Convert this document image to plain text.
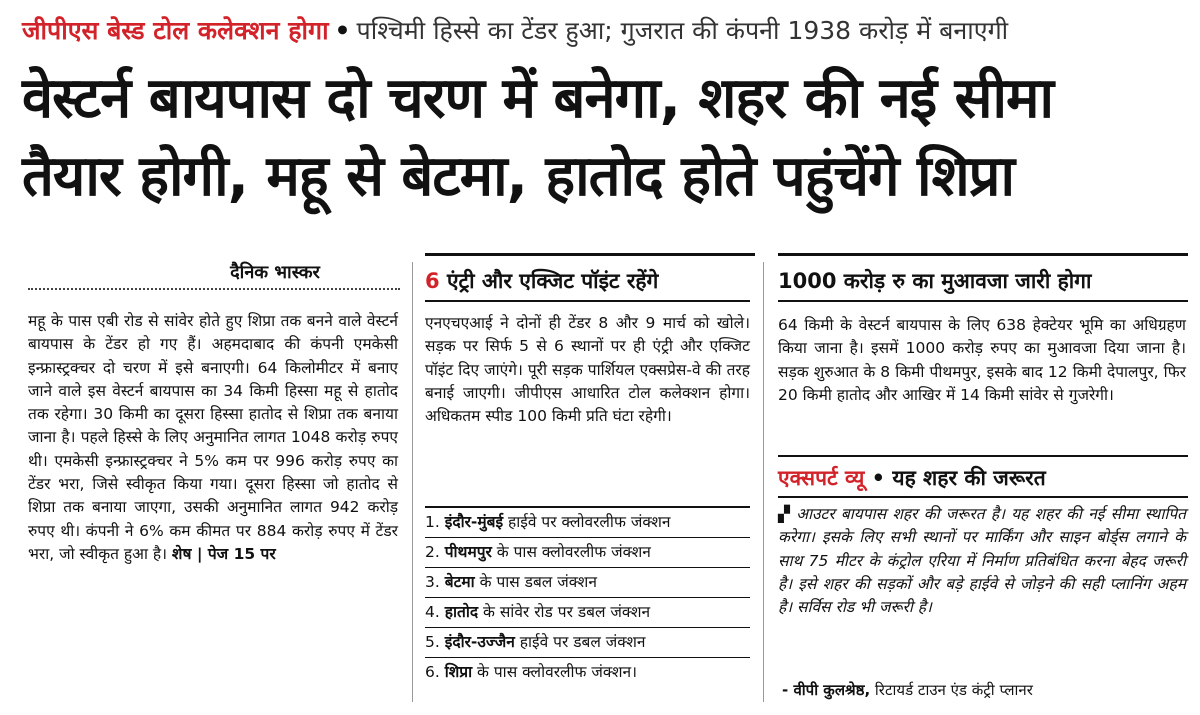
जीपीएस बेस्ड टोल कलेक्शन होगा • पश्चिमी हिस्से का टेंडर हुआ; गुजरात की कंपनी 1938 करोड़ में बनाएगी
वेस्टर्न बायपास दो चरण में बनेगा, शहर की नई सीमा
तैयार होगी, महू से बेटमा, हातोद होते पहुंचेंगे शिप्रा
दैनिक भास्कर
महू के पास एबी रोड से सांवेर होते हुए शिप्रा तक बनने वाले वेस्टर्न बायपास के टेंडर हो गए हैं। अहमदाबाद की कंपनी एमकेसी इन्फ्रास्ट्रक्चर दो चरण में इसे बनाएगी। 64 किलोमीटर में बनाए जाने वाले इस वेस्टर्न बायपास का 34 किमी हिस्सा महू से हातोद तक रहेगा। 30 किमी का दूसरा हिस्सा हातोद से शिप्रा तक बनाया जाना है। पहले हिस्से के लिए अनुमानित लागत 1048 करोड़ रुपए थी। एमकेसी इन्फ्रास्ट्रक्चर ने 5% कम पर 996 करोड़ रुपए का टेंडर भरा, जिसे स्वीकृत किया गया। दूसरा हिस्सा जो हातोद से शिप्रा तक बनाया जाएगा, उसकी अनुमानित लागत 942 करोड़ रुपए थी। कंपनी ने 6% कम कीमत पर 884 करोड़ रुपए में टेंडर भरा, जो स्वीकृत हुआ है। शेष | पेज 15 पर
6 एंट्री और एक्जिट पॉइंट रहेंगे
एनएचएआई ने दोनों ही टेंडर 8 और 9 मार्च को खोले। सड़क पर सिर्फ 5 से 6 स्थानों पर ही एंट्री और एक्जिट पॉइंट दिए जाएंगे। पूरी सड़क पार्शियल एक्सप्रेस-वे की तरह बनाई जाएगी। जीपीएस आधारित टोल कलेक्शन होगा। अधिकतम स्पीड 100 किमी प्रति घंटा रहेगी।
1. इंदौर-मुंबई हाईवे पर क्लोवरलीफ जंक्शन
2. पीथमपुर के पास क्लोवरलीफ जंक्शन
3. बेटमा के पास डबल जंक्शन
4. हातोद के सांवेर रोड पर डबल जंक्शन
5. इंदौर-उज्जैन हाईवे पर डबल जंक्शन
6. शिप्रा के पास क्लोवरलीफ जंक्शन।
1000 करोड़ रु का मुआवजा जारी होगा
64 किमी के वेस्टर्न बायपास के लिए 638 हेक्टेयर भूमि का अधिग्रहण किया जाना है। इसमें 1000 करोड़ रुपए का मुआवजा दिया जाना है। सड़क शुरुआत के 8 किमी पीथमपुर, इसके बाद 12 किमी देपालपुर, फिर 20 किमी हातोद और आखिर में 14 किमी सांवेर से गुजरेगी।
एक्सपर्ट व्यू • यह शहर की जरूरत
▞ आउटर बायपास शहर की जरूरत है। यह शहर की नई सीमा स्थापित करेगा। इसके लिए सभी स्थानों पर मार्किंग और साइन बोर्ड्स लगाने के साथ 75 मीटर के कंट्रोल एरिया में निर्माण प्रतिबंधित करना बेहद जरूरी है। इसे शहर की सड़कों और बड़े हाईवे से जोड़ने की सही प्लानिंग अहम है। सर्विस रोड भी जरूरी है।
- वीपी कुलश्रेष्ठ, रिटायर्ड टाउन एंड कंट्री प्लानर
